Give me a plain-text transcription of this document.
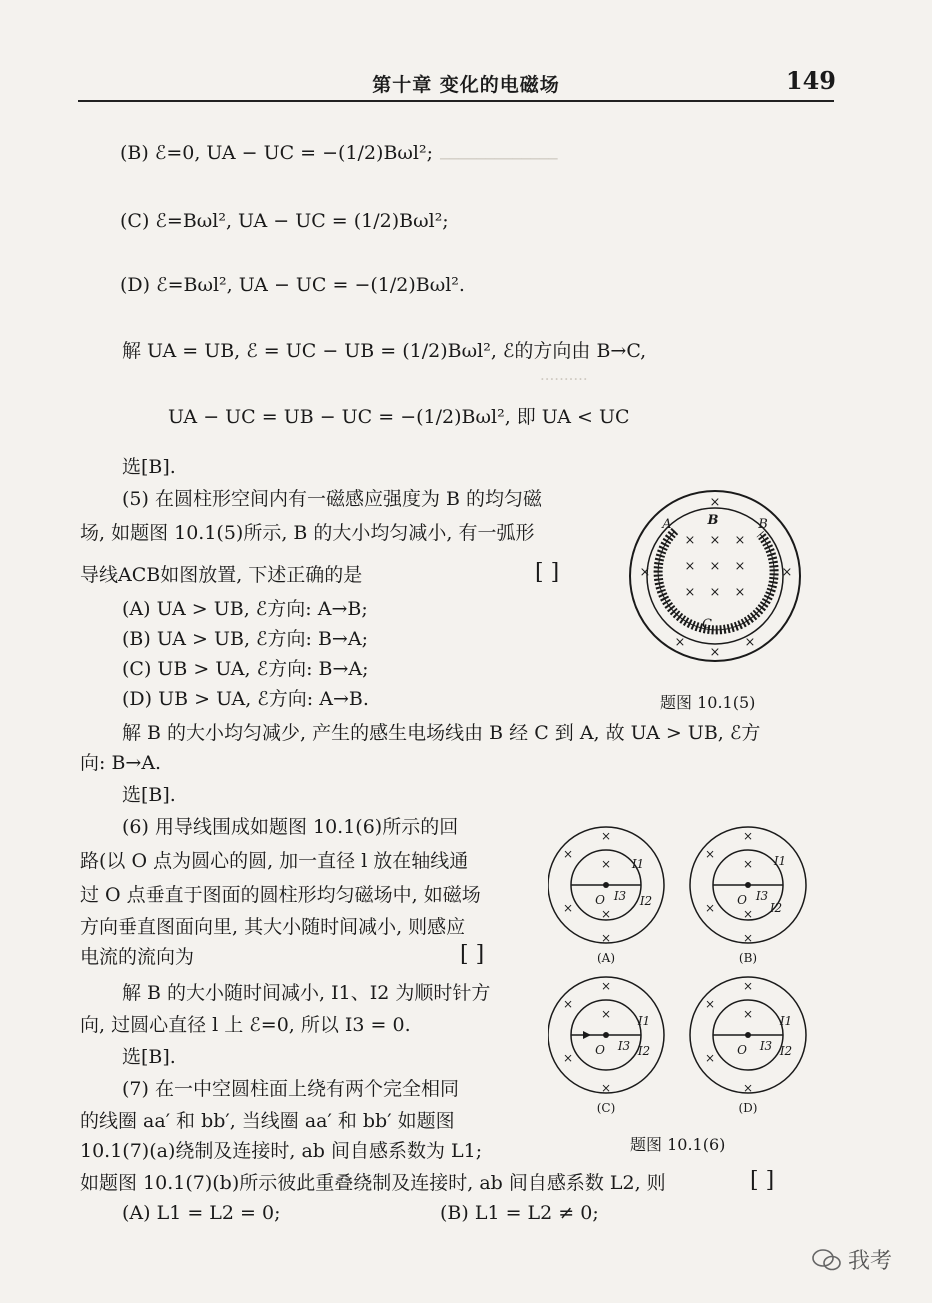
第十章 变化的电磁场	149
─────────────
··········
(B) ℰ=0, UA − UC = −(1/2)Bωl²;
(C) ℰ=Bωl², UA − UC = (1/2)Bωl²;
(D) ℰ=Bωl², UA − UC = −(1/2)Bωl².
解 UA = UB, ℰ = UC − UB = (1/2)Bωl², ℰ的方向由 B→C,
UA − UC = UB − UC = −(1/2)Bωl², 即 UA < UC
选[B].
(5) 在圆柱形空间内有一磁感应强度为 B 的均匀磁
场, 如题图 10.1(5)所示, B 的大小均匀减小, 有一弧形
导线ACB如图放置, 下述正确的是	[ ]
(A) UA > UB, ℰ方向: A→B;
(B) UA > UB, ℰ方向: B→A;
(C) UB > UA, ℰ方向: B→A;
(D) UB > UA, ℰ方向: A→B.
A	B	B
C
×
× × ×
× × ×
× × ×
×
×	×
×	×
题图 10.1(5)
解 B 的大小均匀减少, 产生的感生电场线由 B 经 C 到 A, 故 UA > UB, ℰ方
向: B→A.
选[B].
(6) 用导线围成如题图 10.1(6)所示的回
路(以 O 点为圆心的圆, 加一直径 l 放在轴线通
过 O 点垂直于图面的圆柱形均匀磁场中, 如磁场
方向垂直图面向里, 其大小随时间减小, 则感应
电流的流向为	[ ]
解 B 的大小随时间减小, I1、I2 为顺时针方
向, 过圆心直径 l 上 ℰ=0, 所以 I3 = 0.
选[B].
O
I1
I2
I3
×
×
×
× ×
×
(A)
O
I1
I2
I3
×
×
×
× ×
×
(B)
O
I1
I2
I3
×
×
×
×
×
(C)
O
I1
I2
I3
×
×
×
×
×
(D)
题图 10.1(6)
(7) 在一中空圆柱面上绕有两个完全相同
的线圈 aa′ 和 bb′, 当线圈 aa′ 和 bb′ 如题图
10.1(7)(a)绕制及连接时, ab 间自感系数为 L1;
如题图 10.1(7)(b)所示彼此重叠绕制及连接时, ab 间自感系数 L2, 则	[ ]
(A) L1 = L2 = 0;	(B) L1 = L2 ≠ 0;
我考
